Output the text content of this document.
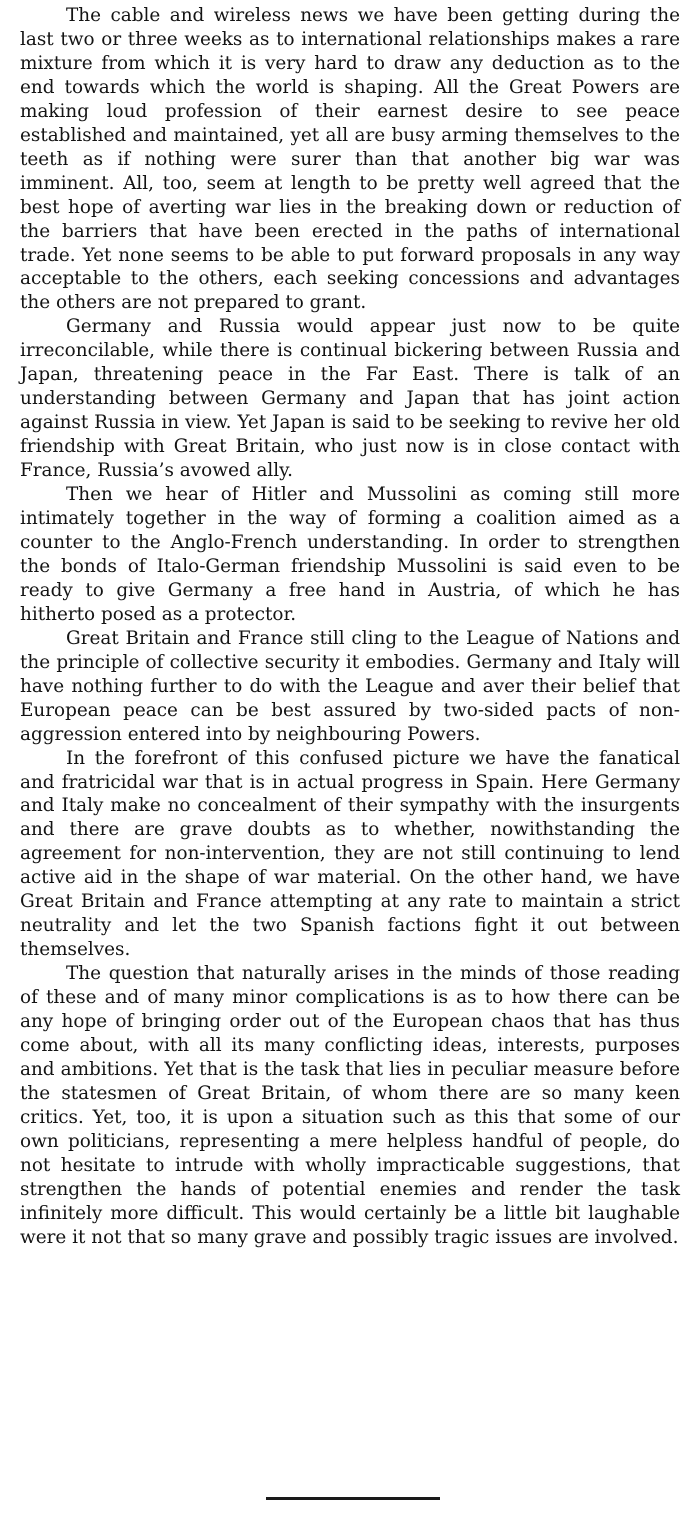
The cable and wireless news we have been getting during the last two or three weeks as to international relationships makes a rare mixture from which it is very hard to draw any deduction as to the end towards which the world is shaping. All the Great Powers are making loud profession of their earnest desire to see peace established and maintained, yet all are busy arming themselves to the teeth as if nothing were surer than that another big war was imminent. All, too, seem at length to be pretty well agreed that the best hope of averting war lies in the breaking down or reduction of the barriers that have been erected in the paths of international trade. Yet none seems to be able to put forward proposals in any way acceptable to the others, each seeking concessions and advantages the others are not prepared to grant.

Germany and Russia would appear just now to be quite irreconcilable, while there is continual bickering between Russia and Japan, threatening peace in the Far East. There is talk of an understanding between Germany and Japan that has joint action against Russia in view. Yet Japan is said to be seeking to revive her old friendship with Great Britain, who just now is in close contact with France, Russia’s avowed ally.

Then we hear of Hitler and Mussolini as coming still more intimately together in the way of forming a coalition aimed as a counter to the Anglo-French understanding. In order to strengthen the bonds of Italo-German friendship Mussolini is said even to be ready to give Germany a free hand in Austria, of which he has hitherto posed as a protector.

Great Britain and France still cling to the League of Nations and the principle of collective security it embodies. Germany and Italy will have nothing further to do with the League and aver their belief that European peace can be best assured by two-sided pacts of non-aggression entered into by neighbouring Powers.

In the forefront of this confused picture we have the fanatical and fratricidal war that is in actual progress in Spain. Here Germany and Italy make no concealment of their sympathy with the insurgents and there are grave doubts as to whether, nowithstanding the agreement for non-intervention, they are not still continuing to lend active aid in the shape of war material. On the other hand, we have Great Britain and France attempting at any rate to maintain a strict neutrality and let the two Spanish factions fight it out between themselves.

The question that naturally arises in the minds of those reading of these and of many minor complications is as to how there can be any hope of bringing order out of the European chaos that has thus come about, with all its many conflicting ideas, interests, purposes and ambitions. Yet that is the task that lies in peculiar measure before the statesmen of Great Britain, of whom there are so many keen critics. Yet, too, it is upon a situation such as this that some of our own politicians, representing a mere helpless handful of people, do not hesitate to intrude with wholly impracticable suggestions, that strengthen the hands of potential enemies and render the task infinitely more difficult. This would certainly be a little bit laughable were it not that so many grave and possibly tragic issues are involved.
